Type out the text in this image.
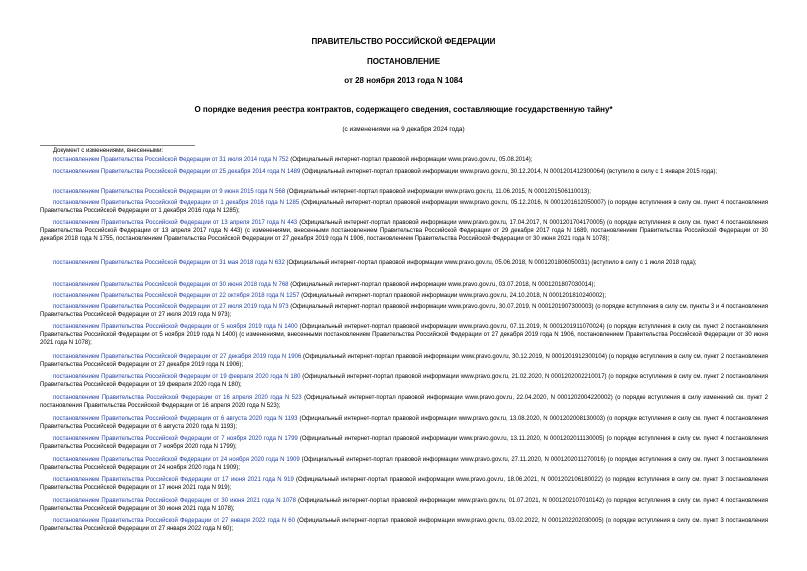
ПРАВИТЕЛЬСТВО РОССИЙСКОЙ ФЕДЕРАЦИИ
ПОСТАНОВЛЕНИЕ
от 28 ноября 2013 года N 1084
О порядке ведения реестра контрактов, содержащего сведения, составляющие государственную тайну*
(с изменениями на 9 декабря 2024 года)
Документ с изменениями, внесенными:

постановлением Правительства Российской Федерации от 31 июля 2014 года N 752 (Официальный интернет-портал правовой информации www.pravo.gov.ru, 05.08.2014);

постановлением Правительства Российской Федерации от 25 декабря 2014 года N 1489 (Официальный интернет-портал правовой информации www.pravo.gov.ru, 30.12.2014, N 0001201412300064) (вступило в силу с 1 января 2015 года);

постановлением Правительства Российской Федерации от 9 июня 2015 года N 568 (Официальный интернет-портал правовой информации www.pravo.gov.ru, 11.06.2015, N 0001201506110013);

постановлением Правительства Российской Федерации от 1 декабря 2016 года N 1285 (Официальный интернет-портал правовой информации www.pravo.gov.ru, 05.12.2016, N 0001201612050007) (о порядке вступления в силу см. пункт 4 постановления Правительства Российской Федерации от 1 декабря 2016 года N 1285);

постановлением Правительства Российской Федерации от 13 апреля 2017 года N 443 (Официальный интернет-портал правовой информации www.pravo.gov.ru, 17.04.2017, N 0001201704170005) (о порядке вступления в силу см. пункт 4 постановления Правительства Российской Федерации от 13 апреля 2017 года N 443) (с изменениями, внесенными постановлением Правительства Российской Федерации от 29 декабря 2017 года N 1689, постановлением Правительства Российской Федерации от 30 декабря 2018 года N 1755, постановлением Правительства Российской Федерации от 27 декабря 2019 года N 1906, постановлением Правительства Российской Федерации от 30 июня 2021 года N 1078);

постановлением Правительства Российской Федерации от 31 мая 2018 года N 632 (Официальный интернет-портал правовой информации www.pravo.gov.ru, 05.06.2018, N 0001201806050031) (вступило в силу с 1 июля 2018 года);

постановлением Правительства Российской Федерации от 30 июня 2018 года N 768 (Официальный интернет-портал правовой информации www.pravo.gov.ru, 03.07.2018, N 0001201807030014);

постановлением Правительства Российской Федерации от 22 октября 2018 года N 1257 (Официальный интернет-портал правовой информации www.pravo.gov.ru, 24.10.2018, N 0001201810240002);

постановлением Правительства Российской Федерации от 27 июля 2019 года N 973 (Официальный интернет-портал правовой информации www.pravo.gov.ru, 30.07.2019, N 0001201907300003) (о порядке вступления в силу см. пункты 3 и 4 постановления Правительства Российской Федерации от 27 июля 2019 года N 973);

постановлением Правительства Российской Федерации от 5 ноября 2019 года N 1400 (Официальный интернет-портал правовой информации www.pravo.gov.ru, 07.11.2019, N 0001201911070024) (о порядке вступления в силу см. пункт 2 постановления Правительства Российской Федерации от 5 ноября 2019 года N 1400) (с изменениями, внесенными постановлением Правительства Российской Федерации от 27 декабря 2019 года N 1906, постановлением Правительства Российской Федерации от 30 июня 2021 года N 1078);

постановлением Правительства Российской Федерации от 27 декабря 2019 года N 1906 (Официальный интернет-портал правовой информации www.pravo.gov.ru, 30.12.2019, N 0001201912300104) (о порядке вступления в силу см. пункт 2 постановления Правительства Российской Федерации от 27 декабря 2019 года N 1906);

постановлением Правительства Российской Федерации от 19 февраля 2020 года N 180 (Официальный интернет-портал правовой информации www.pravo.gov.ru, 21.02.2020, N 0001202002210017) (о порядке вступления в силу см. пункт 2 постановления Правительства Российской Федерации от 19 февраля 2020 года N 180);

постановлением Правительства Российской Федерации от 16 апреля 2020 года N 523 (Официальный интернет-портал правовой информации www.pravo.gov.ru, 22.04.2020, N 0001202004220002) (о порядке вступления в силу изменений см. пункт 2 постановления Правительства Российской Федерации от 16 апреля 2020 года N 523);

постановлением Правительства Российской Федерации от 6 августа 2020 года N 1193 (Официальный интернет-портал правовой информации www.pravo.gov.ru, 13.08.2020, N 0001202008130003) (о порядке вступления в силу см. пункт 4 постановления Правительства Российской Федерации от 6 августа 2020 года N 1193);

постановлением Правительства Российской Федерации от 7 ноября 2020 года N 1799 (Официальный интернет-портал правовой информации www.pravo.gov.ru, 13.11.2020, N 0001202011130005) (о порядке вступления в силу см. пункт 4 постановления Правительства Российской Федерации от 7 ноября 2020 года N 1799);

постановлением Правительства Российской Федерации от 24 ноября 2020 года N 1909 (Официальный интернет-портал правовой информации www.pravo.gov.ru, 27.11.2020, N 0001202011270016) (о порядке вступления в силу см. пункт 3 постановления Правительства Российской Федерации от 24 ноября 2020 года N 1909);

постановлением Правительства Российской Федерации от 17 июня 2021 года N 919 (Официальный интернет-портал правовой информации www.pravo.gov.ru, 18.06.2021, N 0001202106180022) (о порядке вступления в силу см. пункт 3 постановления Правительства Российской Федерации от 17 июня 2021 года N 919);

постановлением Правительства Российской Федерации от 30 июня 2021 года N 1078 (Официальный интернет-портал правовой информации www.pravo.gov.ru, 01.07.2021, N 0001202107010142) (о порядке вступления в силу см. пункт 4 постановления Правительства Российской Федерации от 30 июня 2021 года N 1078);

постановлением Правительства Российской Федерации от 27 января 2022 года N 60 (Официальный интернет-портал правовой информации www.pravo.gov.ru, 03.02.2022, N 0001202202030005) (о порядке вступления в силу см. пункт 3 постановления Правительства Российской Федерации от 27 января 2022 года N 60);
